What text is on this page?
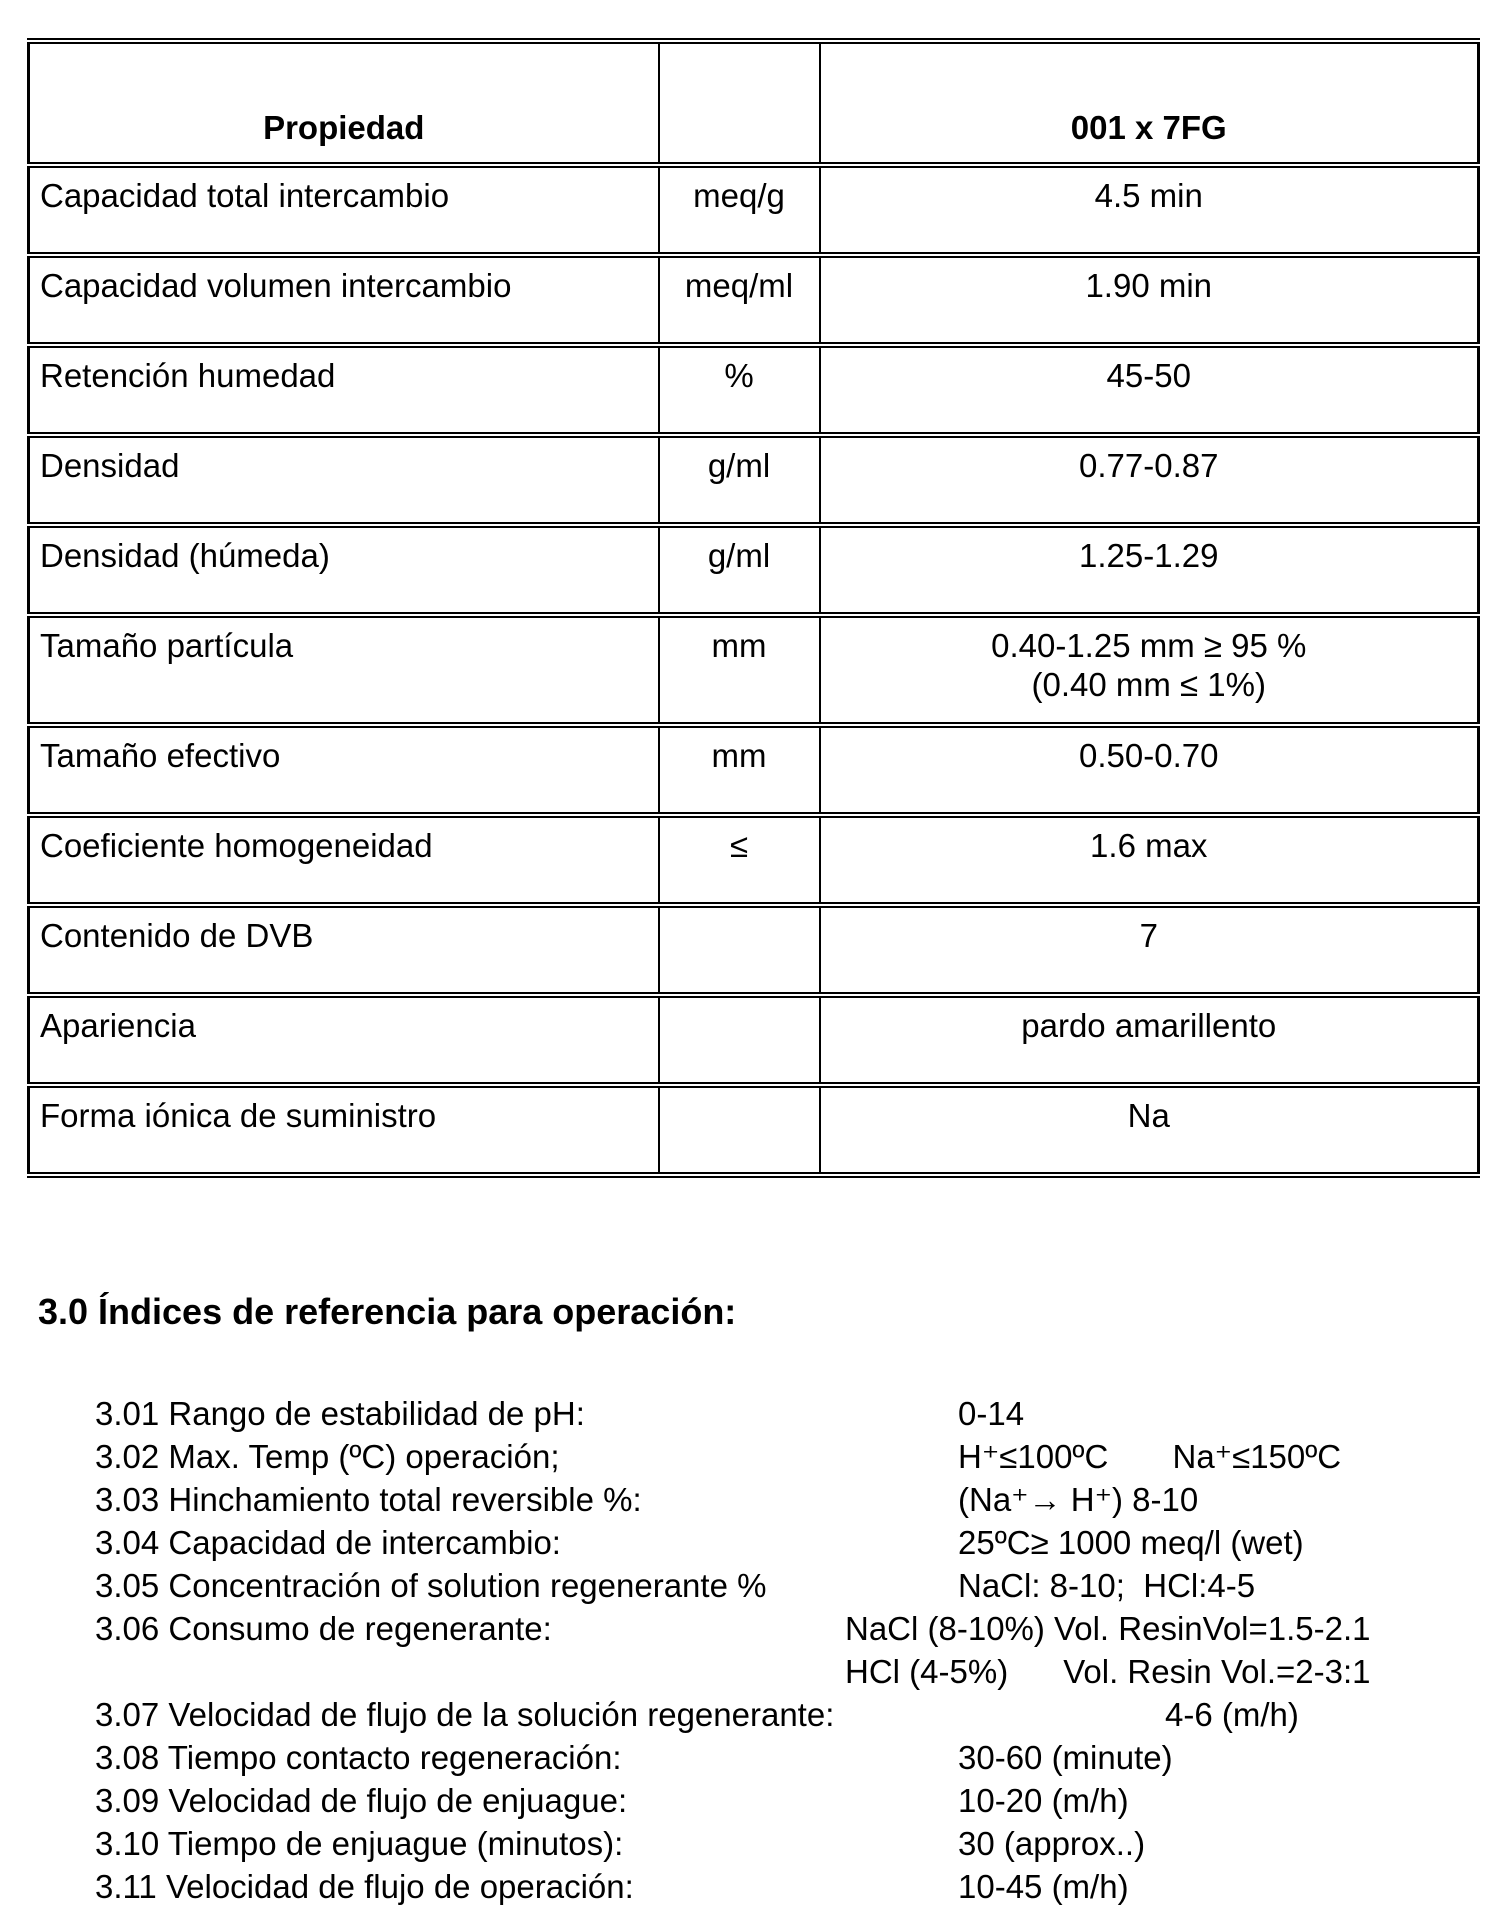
Propiedad		001 x 7FG
Capacidad total intercambio	meq/g	4.5 min
Capacidad volumen intercambio	meq/ml	1.90 min
Retención humedad	%	45-50
Densidad	g/ml	0.77-0.87
Densidad (húmeda)	g/ml	1.25-1.29
Tamaño partícula	mm	0.40-1.25 mm ≥ 95 %
(0.40 mm ≤ 1%)

Tamaño efectivo	mm	0.50-0.70
Coeficiente homogeneidad	≤	1.6 max
Contenido de DVB		7
Apariencia		pardo amarillento
Forma iónica de suministro		Na
3.0 Índices de referencia para operación:
3.01 Rango de estabilidad de pH:	0-14
3.02 Max. Temp (ºC) operación;	H⁺≤100ºC       Na⁺≤150ºC
3.03 Hinchamiento total reversible %:	(Na⁺→ H⁺) 8-10
3.04 Capacidad de intercambio:	25ºC≥ 1000 meq/l (wet)
3.05 Concentración of solution regenerante %	NaCl: 8-10;  HCl:4-5
3.06 Consumo de regenerante:	NaCl (8-10%) Vol. ResinVol=1.5-2.1
HCl (4-5%)      Vol. Resin Vol.=2-3:1
3.07 Velocidad de flujo de la solución regenerante:	4-6 (m/h)
3.08 Tiempo contacto regeneración:	30-60 (minute)
3.09 Velocidad de flujo de enjuague:	10-20 (m/h)
3.10 Tiempo de enjuague (minutos):	30 (approx..)
3.11 Velocidad de flujo de operación:	10-45 (m/h)
